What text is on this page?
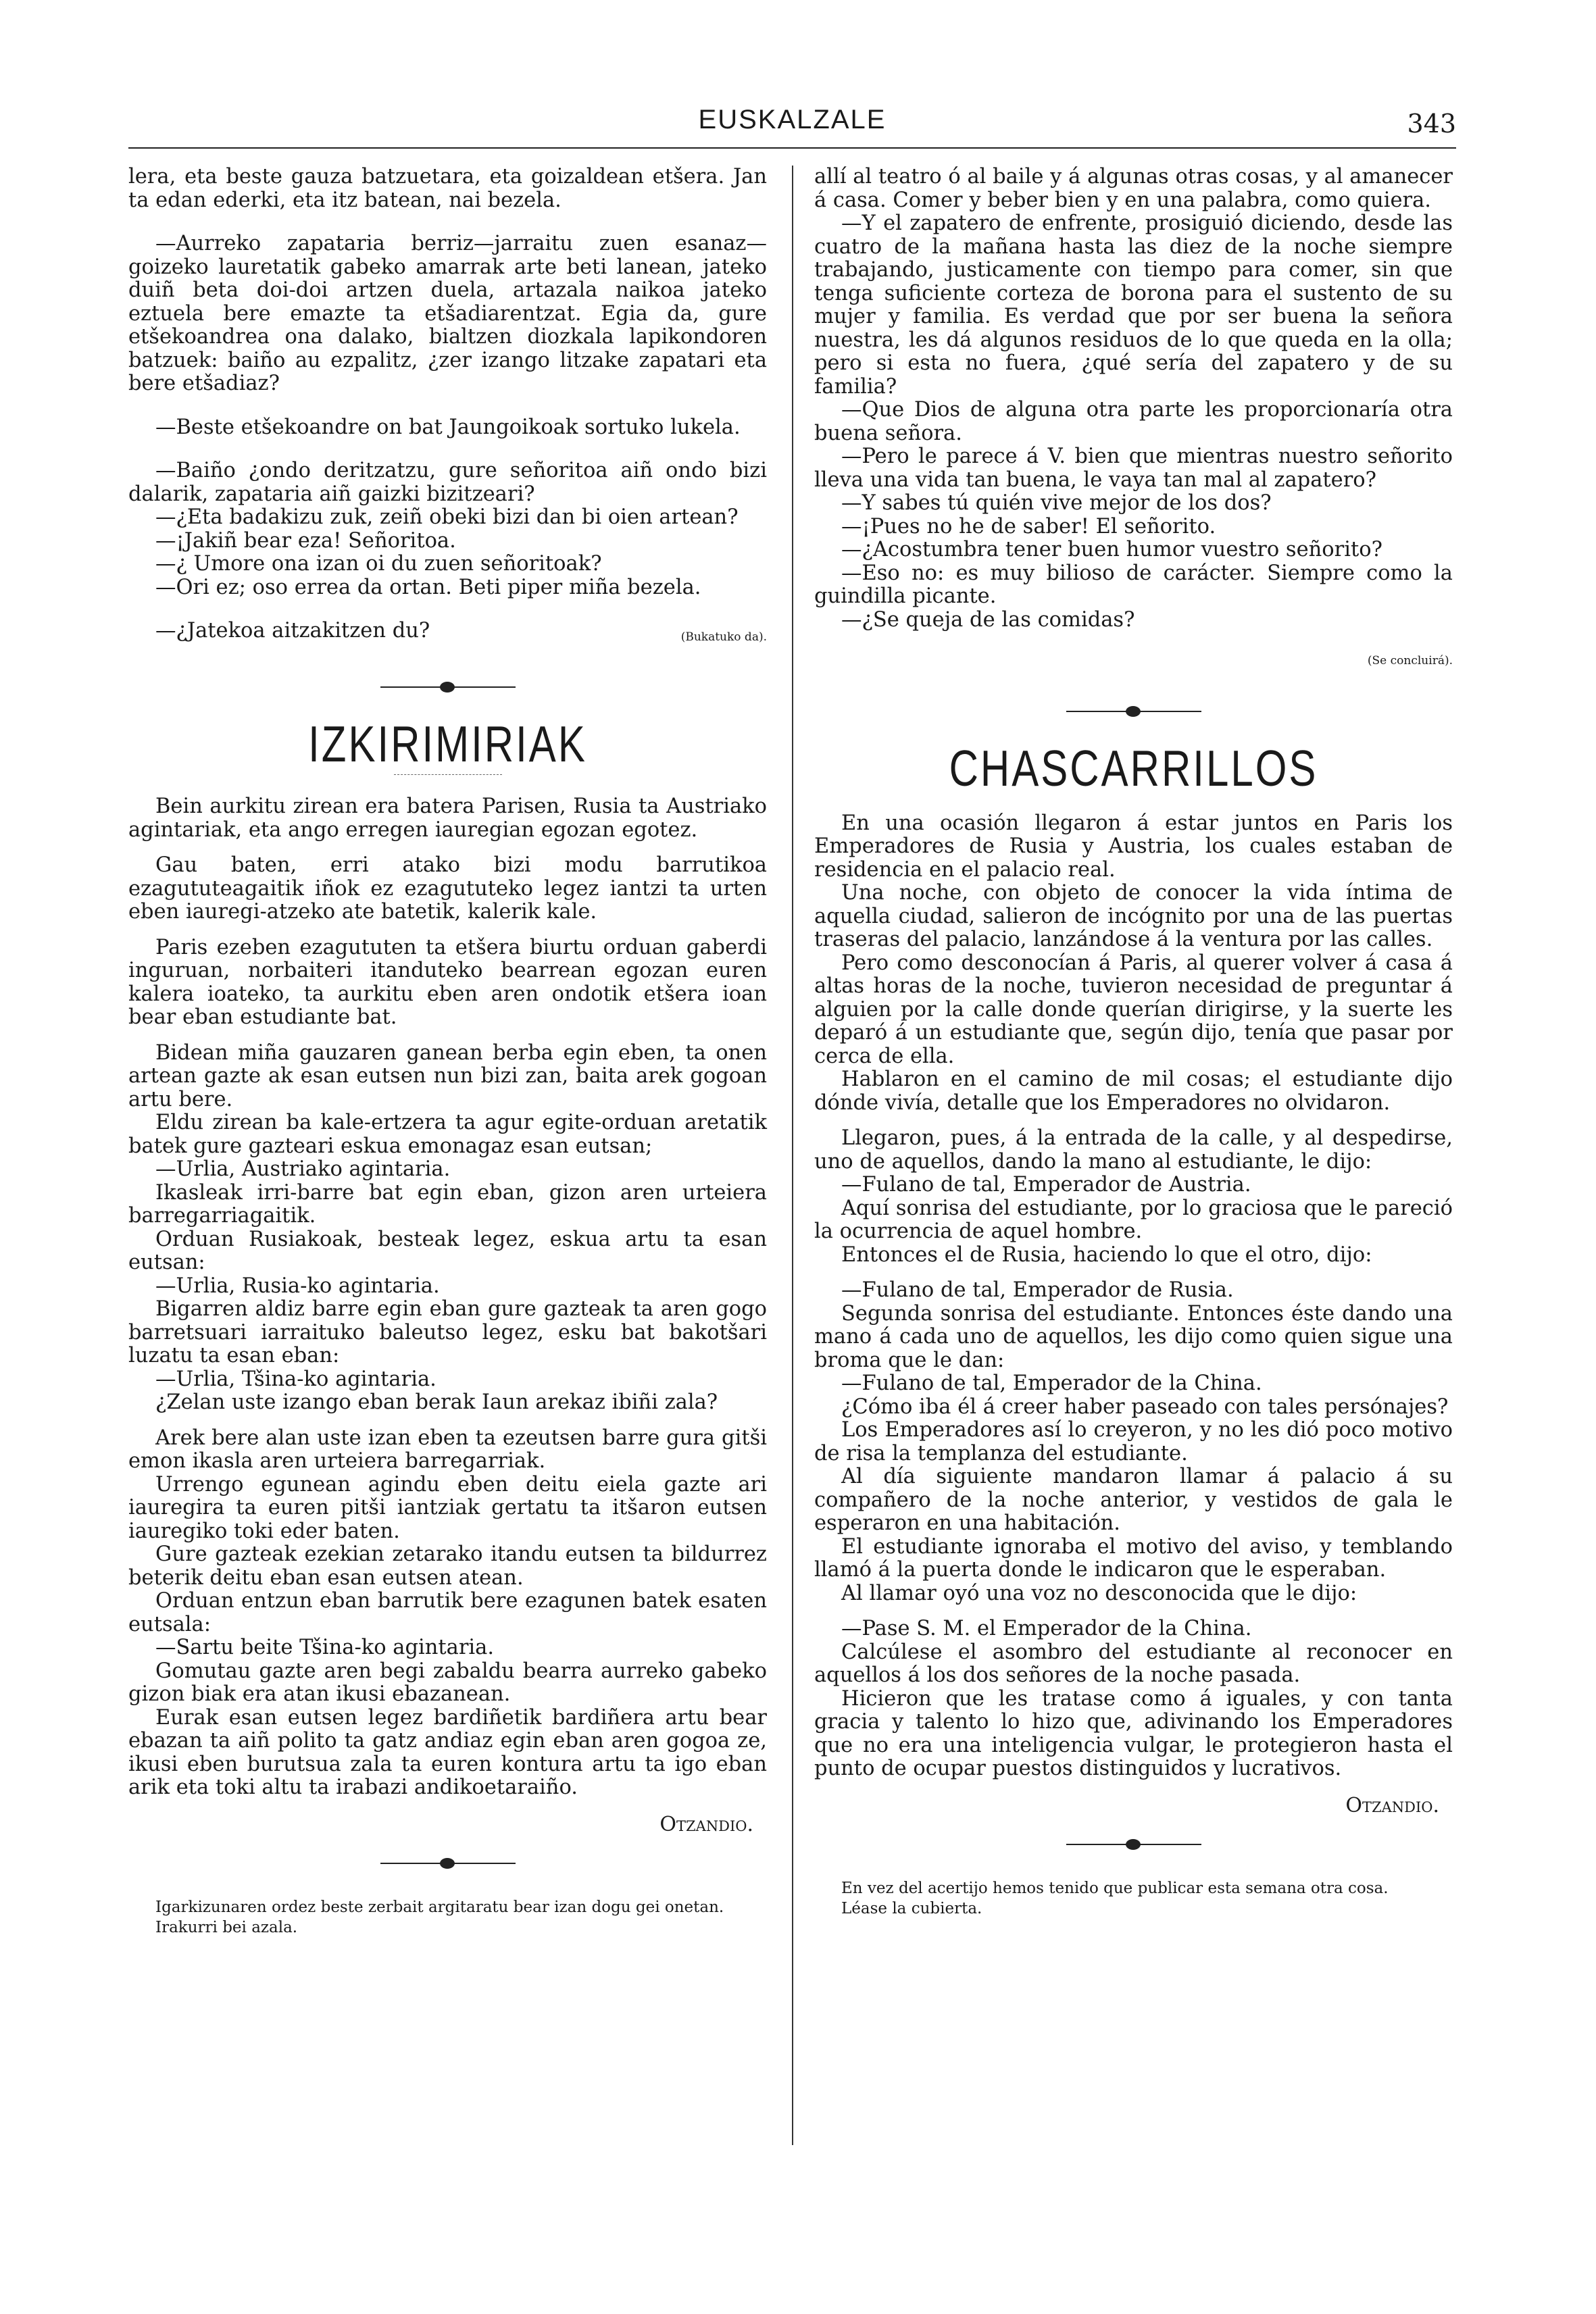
EUSKALZALE	343

lera, eta beste gauza batzuetara, eta goizaldean etšera. Jan ta edan ederki, eta itz batean, nai bezela.

—Aurreko zapataria berriz—jarraitu zuen esanaz—goizeko lauretatik gabeko amarrak arte beti lanean, jateko duiñ beta doi-doi artzen duela, artazala naikoa jateko eztuela bere emazte ta etšadiarentzat. Egia da, gure etšekoandrea ona dalako, bialtzen diozkala lapikondoren batzuek: baiño au ezpalitz, ¿zer izango litzake zapatari eta bere etšadiaz?

—Beste etšekoandre on bat Jaungoikoak sortuko lukela.

—Baiño ¿ondo deritzatzu, gure señoritoa aiñ ondo bizi dalarik, zapataria aiñ gaizki bizitzeari?

—¿Eta badakizu zuk, zeiñ obeki bizi dan bi oien artean?

—¡Jakiñ bear eza! Señoritoa.

—¿ Umore ona izan oi du zuen señoritoak?

—Ori ez; oso errea da ortan. Beti piper miña bezela.

—¿Jatekoa aitzakitzen du?	(Bukatuko da).

IZKIRIMIRIAK

Bein aurkitu zirean era batera Parisen, Rusia ta Austriako agintariak, eta ango erregen iauregian egozan egotez.

Gau baten, erri atako bizi modu barrutikoa ezagututeagaitik iñok ez ezagututeko legez iantzi ta urten eben iauregi-atzeko ate batetik, kalerik kale.

Paris ezeben ezagututen ta etšera biurtu orduan gaberdi inguruan, norbaiteri itanduteko bearrean egozan euren kalera ioateko, ta aurkitu eben aren ondotik etšera ioan bear eban estudiante bat.

Bidean miña gauzaren ganean berba egin eben, ta onen artean gazte ak esan eutsen nun bizi zan, baita arek gogoan artu bere.

Eldu zirean ba kale-ertzera ta agur egite-orduan aretatik batek gure gazteari eskua emonagaz esan eutsan;

—Urlia, Austriako agintaria.

Ikasleak irri-barre bat egin eban, gizon aren urteiera barregarriagaitik.

Orduan Rusiakoak, besteak legez, eskua artu ta esan eutsan:

—Urlia, Rusia-ko agintaria.

Bigarren aldiz barre egin eban gure gazteak ta aren gogo barretsuari iarraituko baleutso legez, esku bat bakotšari luzatu ta esan eban:

—Urlia, Tšina-ko agintaria.

¿Zelan uste izango eban berak Iaun arekaz ibiñi zala?

Arek bere alan uste izan eben ta ezeutsen barre gura gitši emon ikasla aren urteiera barregarriak.

Urrengo egunean agindu eben deitu eiela gazte ari iauregira ta euren pitši iantziak gertatu ta itšaron eutsen iauregiko toki eder baten.

Gure gazteak ezekian zetarako itandu eutsen ta bildurrez beterik deitu eban esan eutsen atean.

Orduan entzun eban barrutik bere ezagunen batek esaten eutsala:

—Sartu beite Tšina-ko agintaria.

Gomutau gazte aren begi zabaldu bearra aurreko gabeko gizon biak era atan ikusi ebazanean.

Eurak esan eutsen legez bardiñetik bardiñera artu bear ebazan ta aiñ polito ta gatz andiaz egin eban aren gogoa ze, ikusi eben burutsua zala ta euren kontura artu ta igo eban arik eta toki altu ta irabazi andikoetaraiño.

Otzandio.

Igarkizunaren ordez beste zerbait argitaratu bear izan dogu gei onetan.

Irakurri bei azala.

allí al teatro ó al baile y á algunas otras cosas, y al amanecer á casa. Comer y beber bien y en una palabra, como quiera.

—Y el zapatero de enfrente, prosiguió diciendo, desde las cuatro de la mañana hasta las diez de la noche siempre trabajando, justicamente con tiempo para comer, sin que tenga suficiente corteza de borona para el sustento de su mujer y familia. Es verdad que por ser buena la señora nuestra, les dá algunos residuos de lo que queda en la olla; pero si esta no fuera, ¿qué sería del zapatero y de su familia?

—Que Dios de alguna otra parte les proporcionaría otra buena señora.

—Pero le parece á V. bien que mientras nuestro señorito lleva una vida tan buena, le vaya tan mal al zapatero?

—Y sabes tú quién vive mejor de los dos?

—¡Pues no he de saber! El señorito.

—¿Acostumbra tener buen humor vuestro señorito?

—Eso no: es muy bilioso de carácter. Siempre como la guindilla picante.

—¿Se queja de las comidas?

(Se concluirá).

CHASCARRILLOS

En una ocasión llegaron á estar juntos en Paris los Emperadores de Rusia y Austria, los cuales estaban de residencia en el palacio real.

Una noche, con objeto de conocer la vida íntima de aquella ciudad, salieron de incógnito por una de las puertas traseras del palacio, lanzándose á la ventura por las calles.

Pero como desconocían á Paris, al querer volver á casa á altas horas de la noche, tuvieron necesidad de preguntar á alguien por la calle donde querían dirigirse, y la suerte les deparó á un estudiante que, según dijo, tenía que pasar por cerca de ella.

Hablaron en el camino de mil cosas; el estudiante dijo dónde vivía, detalle que los Emperadores no olvidaron.

Llegaron, pues, á la entrada de la calle, y al despedirse, uno de aquellos, dando la mano al estudiante, le dijo:

—Fulano de tal, Emperador de Austria.

Aquí sonrisa del estudiante, por lo graciosa que le pareció la ocurrencia de aquel hombre.

Entonces el de Rusia, haciendo lo que el otro, dijo:

—Fulano de tal, Emperador de Rusia.

Segunda sonrisa del estudiante. Entonces éste dando una mano á cada uno de aquellos, les dijo como quien sigue una broma que le dan:

—Fulano de tal, Emperador de la China.

¿Cómo iba él á creer haber paseado con tales persónajes?

Los Emperadores así lo creyeron, y no les dió poco motivo de risa la templanza del estudiante.

Al día siguiente mandaron llamar á palacio á su compañero de la noche anterior, y vestidos de gala le esperaron en una habitación.

El estudiante ignoraba el motivo del aviso, y temblando llamó á la puerta donde le indicaron que le esperaban.

Al llamar oyó una voz no desconocida que le dijo:

—Pase S. M. el Emperador de la China.

Calcúlese el asombro del estudiante al reconocer en aquellos á los dos señores de la noche pasada.

Hicieron que les tratase como á iguales, y con tanta gracia y talento lo hizo que, adivinando los Emperadores que no era una inteligencia vulgar, le protegieron hasta el punto de ocupar puestos distinguidos y lucrativos.

Otzandio.

En vez del acertijo hemos tenido que publicar esta semana otra cosa.

Léase la cubierta.
